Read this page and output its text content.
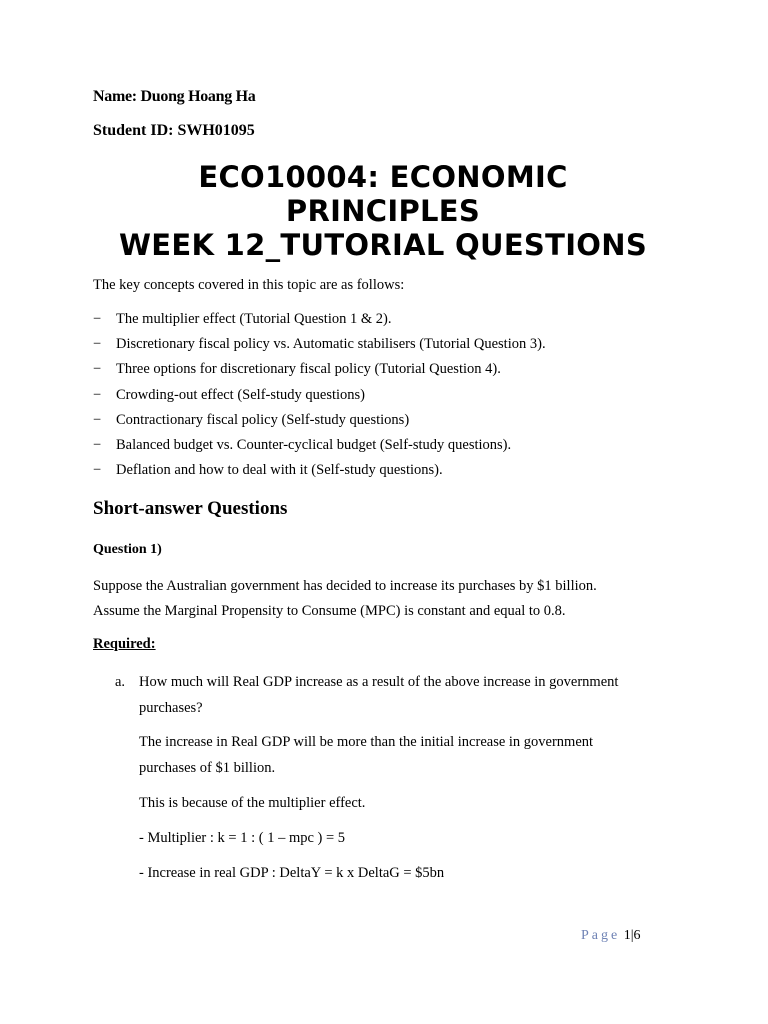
Name: Duong Hoang Ha
Student ID: SWH01095
ECO10004: ECONOMIC
PRINCIPLES
WEEK 12_TUTORIAL QUESTIONS
The key concepts covered in this topic are as follows:
− The multiplier effect (Tutorial Question 1 & 2).
− Discretionary fiscal policy vs. Automatic stabilisers (Tutorial Question 3).
− Three options for discretionary fiscal policy (Tutorial Question 4).
− Crowding-out effect (Self-study questions)
− Contractionary fiscal policy (Self-study questions)
− Balanced budget vs. Counter-cyclical budget (Self-study questions).
− Deflation and how to deal with it (Self-study questions).
Short-answer Questions
Question 1)
Suppose the Australian government has decided to increase its purchases by $1 billion.
Assume the Marginal Propensity to Consume (MPC) is constant and equal to 0.8.
Required:
a. How much will Real GDP increase as a result of the above increase in government purchases?
The increase in Real GDP will be more than the initial increase in government
purchases of $1 billion.
This is because of the multiplier effect.
- Multiplier : k = 1 : ( 1 – mpc ) = 5
- Increase in real GDP : DeltaY = k x DeltaG = $5bn
Page 1|6
